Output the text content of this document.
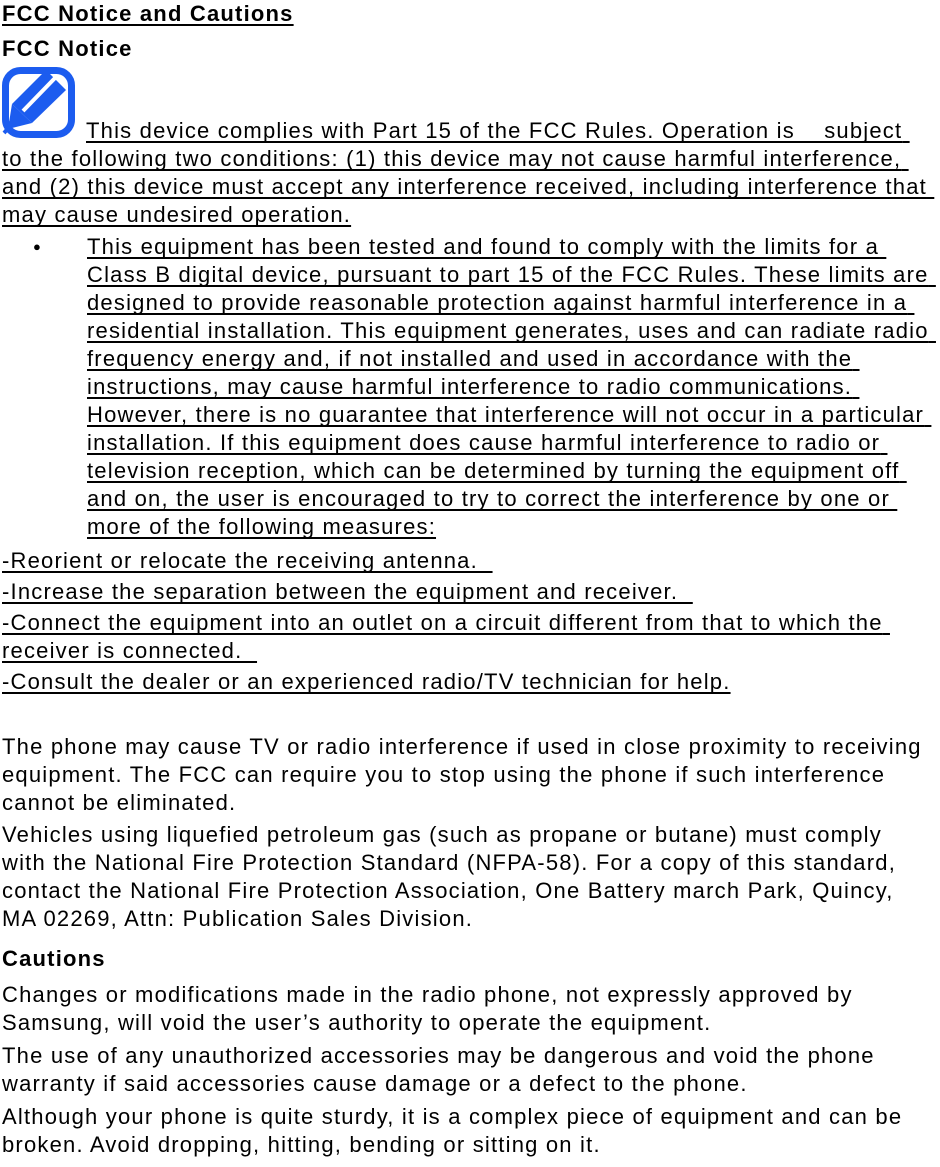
FCC Notice and Cautions
FCC Notice

This device complies with Part 15 of the FCC Rules. Operation is    subject to the following two conditions: (1) this device may not cause harmful interference, and (2) this device must accept any interference received, including interference that may cause undesired operation.

●	This equipment has been tested and found to comply with the limits for a Class B digital device, pursuant to part 15 of the FCC Rules. These limits are designed to provide reasonable protection against harmful interference in a residential installation. This equipment generates, uses and can radiate radio frequency energy and, if not installed and used in accordance with the instructions, may cause harmful interference to radio communications. However, there is no guarantee that interference will not occur in a particular installation. If this equipment does cause harmful interference to radio or television reception, which can be determined by turning the equipment off and on, the user is encouraged to try to correct the interference by one or more of the following measures:

-Reorient or relocate the receiving antenna.

-Increase the separation between the equipment and receiver.

-Connect the equipment into an outlet on a circuit different from that to which the receiver is connected.

-Consult the dealer or an experienced radio/TV technician for help.

The phone may cause TV or radio interference if used in close proximity to receiving equipment. The FCC can require you to stop using the phone if such interference cannot be eliminated.

Vehicles using liquefied petroleum gas (such as propane or butane) must comply with the National Fire Protection Standard (NFPA-58). For a copy of this standard, contact the National Fire Protection Association, One Battery march Park, Quincy, MA 02269, Attn: Publication Sales Division.

Cautions

Changes or modifications made in the radio phone, not expressly approved by Samsung, will void the user’s authority to operate the equipment.

The use of any unauthorized accessories may be dangerous and void the phone warranty if said accessories cause damage or a defect to the phone.

Although your phone is quite sturdy, it is a complex piece of equipment and can be broken. Avoid dropping, hitting, bending or sitting on it.
